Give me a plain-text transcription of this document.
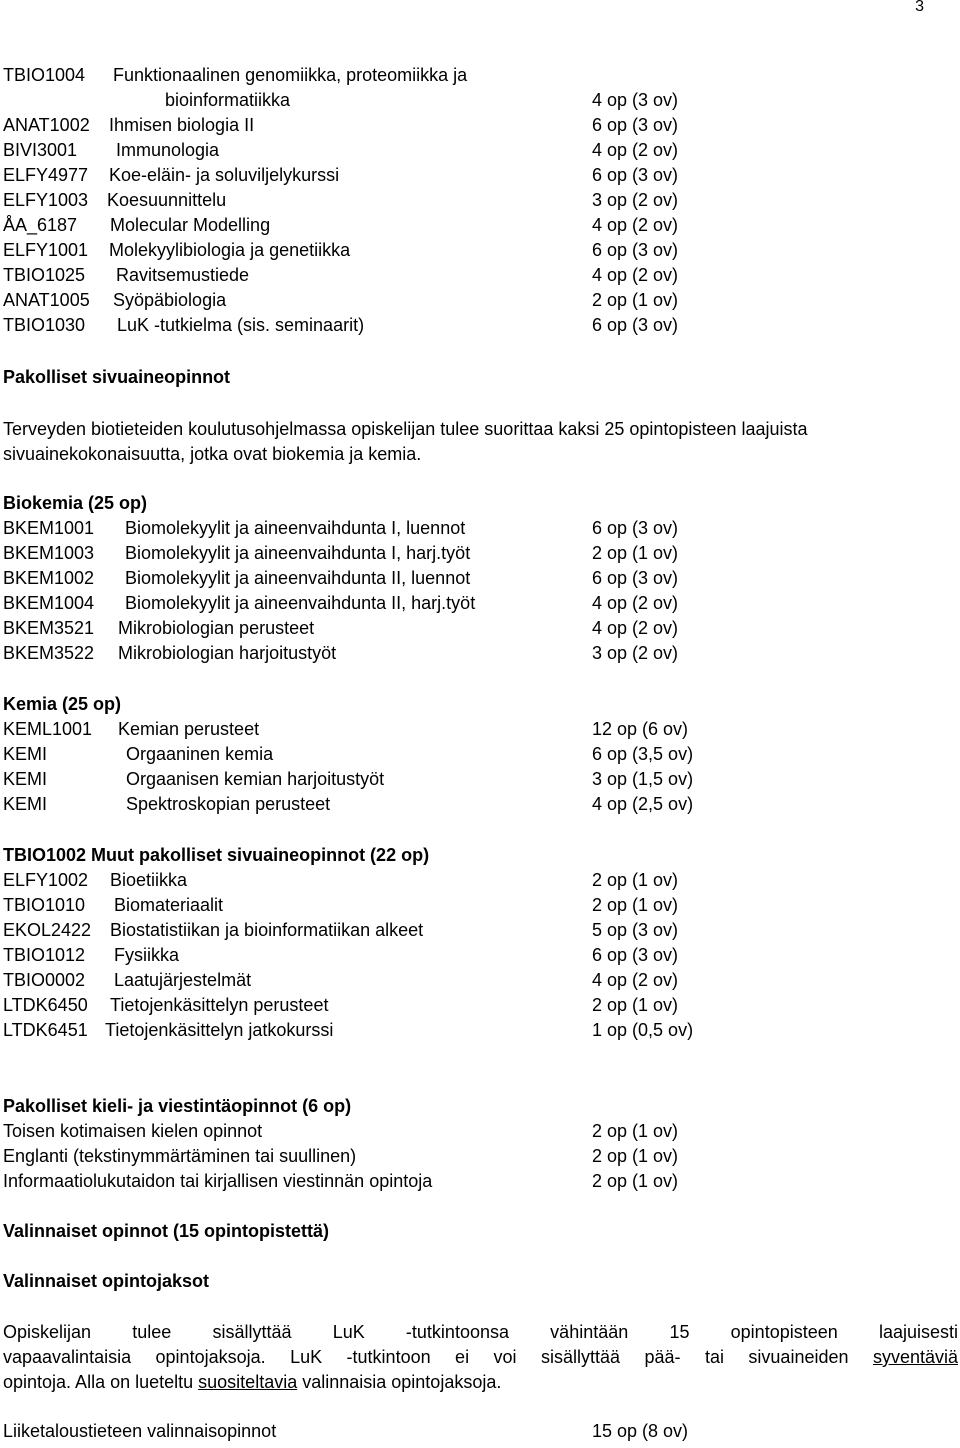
3
TBIO1004 Funktionaalinen genomiikka, proteomiikka ja
bioinformatiikka	4 op (3 ov)
ANAT1002 Ihmisen biologia II	6 op (3 ov)
BIVI3001 Immunologia	4 op (2 ov)
ELFY4977 Koe-eläin- ja soluviljelykurssi	6 op (3 ov)
ELFY1003 Koesuunnittelu	3 op (2 ov)
ÅA_6187 Molecular Modelling	4 op (2 ov)
ELFY1001 Molekyylibiologia ja genetiikka	6 op (3 ov)
TBIO1025 Ravitsemustiede	4 op (2 ov)
ANAT1005 Syöpäbiologia	2 op (1 ov)
TBIO1030 LuK -tutkielma (sis. seminaarit)	6 op (3 ov)
Pakolliset sivuaineopinnot
Terveyden biotieteiden koulutusohjelmassa opiskelijan tulee suorittaa kaksi 25 opintopisteen laajuista sivuainekokonaisuutta, jotka ovat biokemia ja kemia.
Biokemia (25 op)
BKEM1001 Biomolekyylit ja aineenvaihdunta I, luennot	6 op (3 ov)
BKEM1003 Biomolekyylit ja aineenvaihdunta I, harj.työt	2 op (1 ov)
BKEM1002 Biomolekyylit ja aineenvaihdunta II, luennot	6 op (3 ov)
BKEM1004 Biomolekyylit ja aineenvaihdunta II, harj.työt	4 op (2 ov)
BKEM3521 Mikrobiologian perusteet	4 op (2 ov)
BKEM3522 Mikrobiologian harjoitustyöt	3 op (2 ov)
Kemia (25 op)
KEML1001 Kemian perusteet	12 op (6 ov)
KEMI	Orgaaninen kemia	6 op (3,5 ov)
KEMI	Orgaanisen kemian harjoitustyöt	3 op (1,5 ov)
KEMI	Spektroskopian perusteet	4 op (2,5 ov)
TBIO1002 Muut pakolliset sivuaineopinnot (22 op)
ELFY1002 Bioetiikka	2 op (1 ov)
TBIO1010 Biomateriaalit	2 op (1 ov)
EKOL2422 Biostatistiikan ja bioinformatiikan alkeet	5 op (3 ov)
TBIO1012 Fysiikka	6 op (3 ov)
TBIO0002 Laatujärjestelmät	4 op (2 ov)
LTDK6450 Tietojenkäsittelyn perusteet	2 op (1 ov)
LTDK6451 Tietojenkäsittelyn jatkokurssi	1 op (0,5 ov)
Pakolliset kieli- ja viestintäopinnot (6 op)
Toisen kotimaisen kielen opinnot	2 op (1 ov)
Englanti (tekstinymmärtäminen tai suullinen)	2 op (1 ov)
Informaatiolukutaidon tai kirjallisen viestinnän opintoja	2 op (1 ov)
Valinnaiset opinnot (15 opintopistettä)
Valinnaiset opintojaksot
Opiskelijan tulee sisällyttää LuK -tutkintoonsa vähintään 15 opintopisteen laajuisesti
vapaavalintaisia opintojaksoja. LuK -tutkintoon ei voi sisällyttää pää- tai sivuaineiden syventäviä
opintoja. Alla on lueteltu suositeltavia valinnaisia opintojaksoja.
Liiketaloustieteen valinnaisopinnot	15 op (8 ov)
